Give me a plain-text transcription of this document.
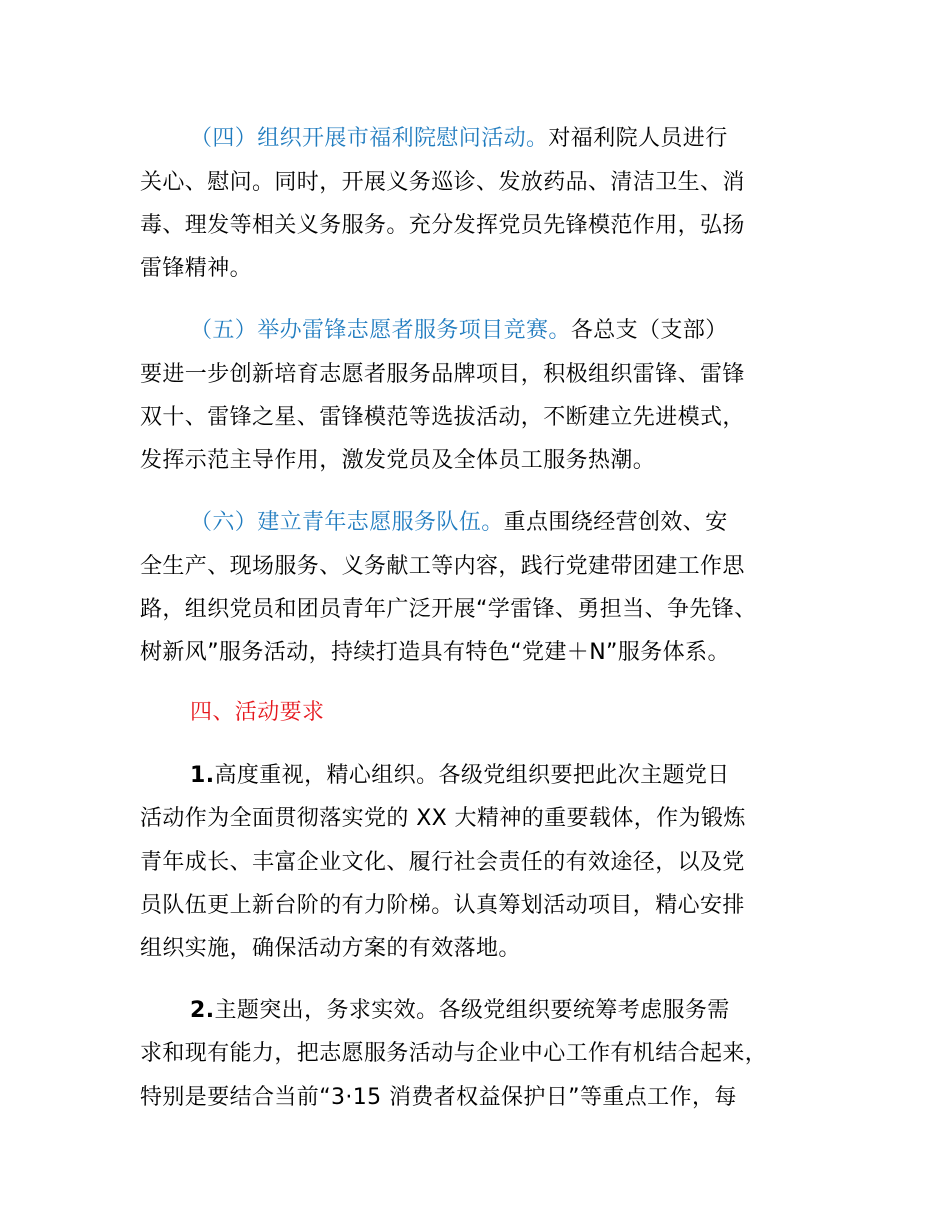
（四）组织开展市福利院慰问活动。对福利院人员进行
关心、慰问。同时，开展义务巡诊、发放药品、清洁卫生、消
毒、理发等相关义务服务。充分发挥党员先锋模范作用，弘扬
雷锋精神。
（五）举办雷锋志愿者服务项目竞赛。各总支（支部）
要进一步创新培育志愿者服务品牌项目，积极组织雷锋、雷锋
双十、雷锋之星、雷锋模范等选拔活动，不断建立先进模式，
发挥示范主导作用，激发党员及全体员工服务热潮。
（六）建立青年志愿服务队伍。重点围绕经营创效、安
全生产、现场服务、义务献工等内容，践行党建带团建工作思
路，组织党员和团员青年广泛开展“学雷锋、勇担当、争先锋、
树新风”服务活动，持续打造具有特色“党建＋N”服务体系。
四、活动要求
1.高度重视，精心组织。各级党组织要把此次主题党日
活动作为全面贯彻落实党的 XX 大精神的重要载体，作为锻炼
青年成长、丰富企业文化、履行社会责任的有效途径，以及党
员队伍更上新台阶的有力阶梯。认真筹划活动项目，精心安排
组织实施，确保活动方案的有效落地。
2.主题突出，务求实效。各级党组织要统筹考虑服务需
求和现有能力，把志愿服务活动与企业中心工作有机结合起来，
特别是要结合当前“3·15 消费者权益保护日”等重点工作，每
